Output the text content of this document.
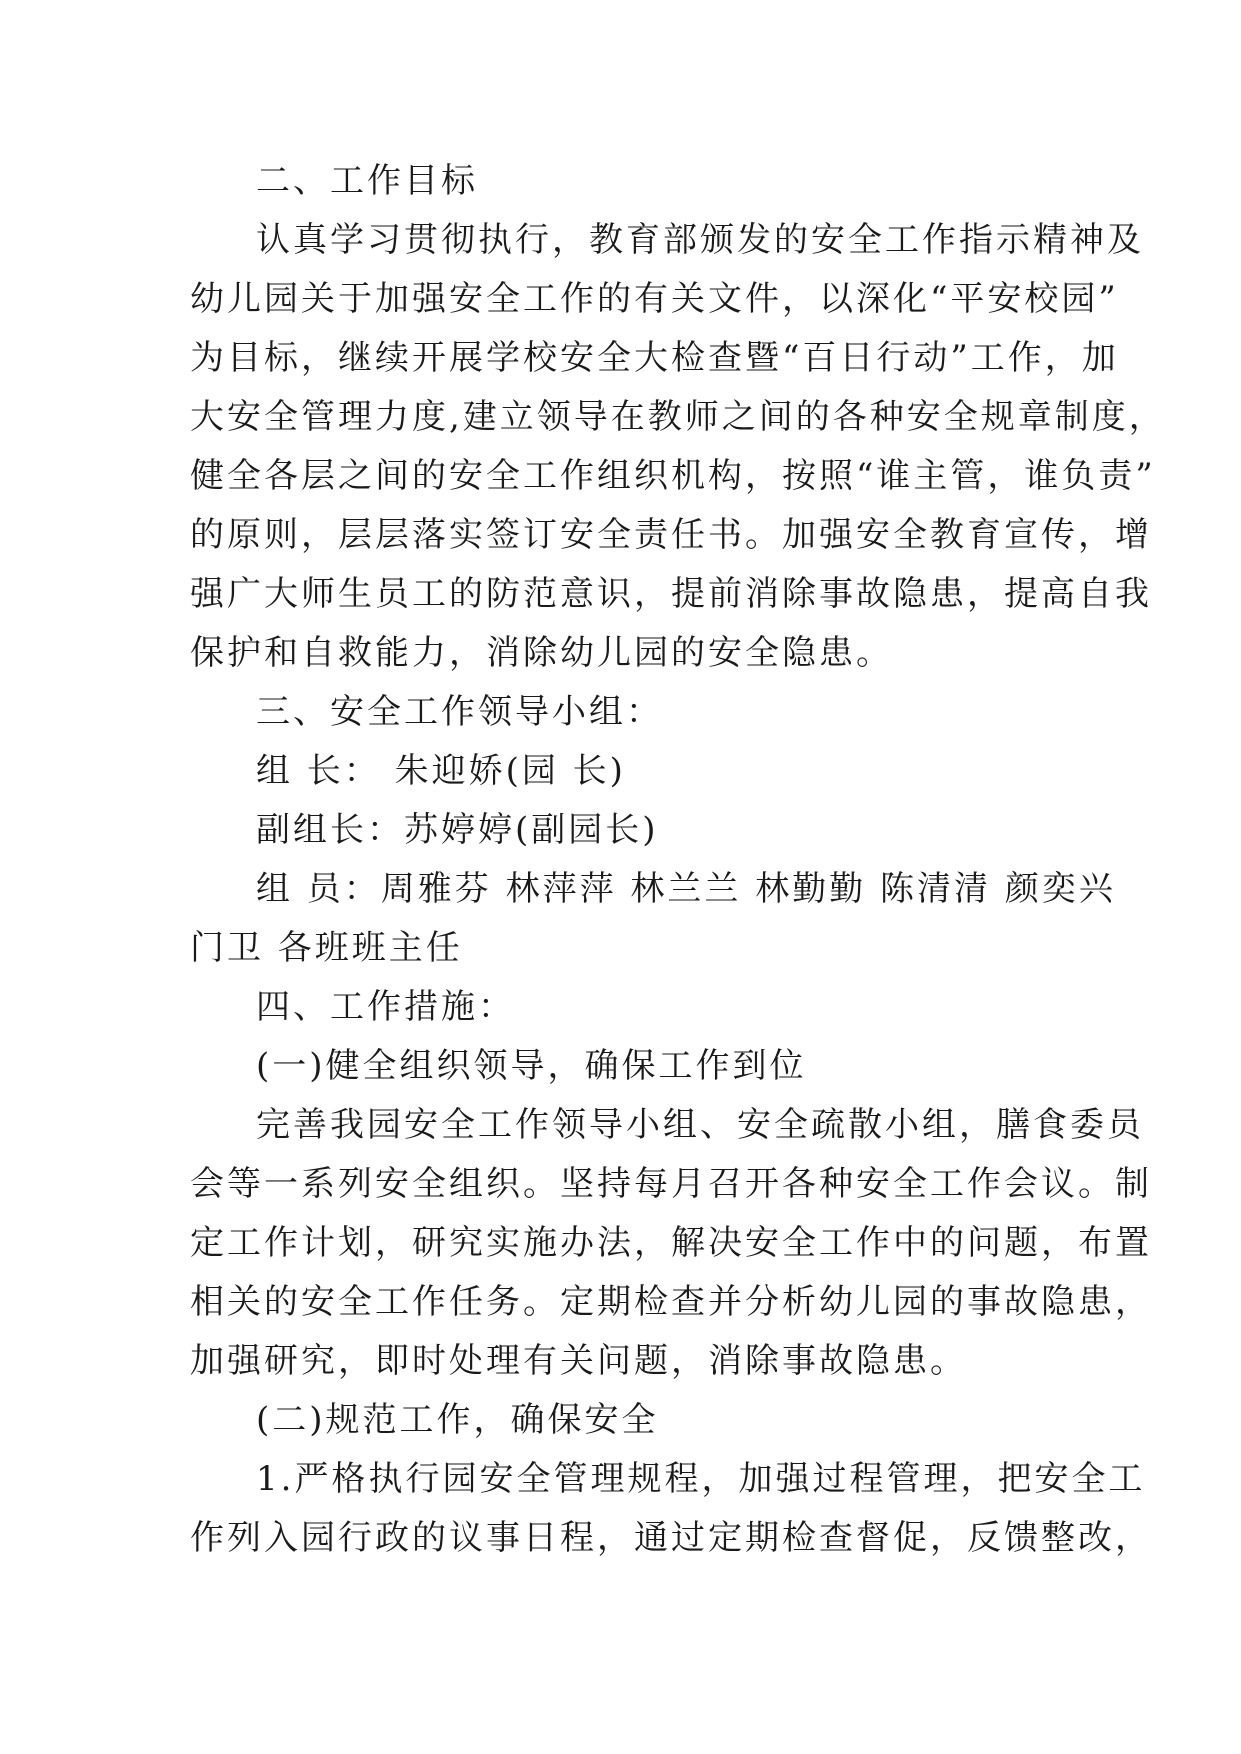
二、工作目标
认真学习贯彻执行，教育部颁发的安全工作指示精神及
幼儿园关于加强安全工作的有关文件，以深化“平安校园”
为目标，继续开展学校安全大检查暨“百日行动”工作，加
大安全管理力度,建立领导在教师之间的各种安全规章制度，
健全各层之间的安全工作组织机构，按照“谁主管，谁负责”
的原则，层层落实签订安全责任书。加强安全教育宣传，增
强广大师生员工的防范意识，提前消除事故隐患，提高自我
保护和自救能力，消除幼儿园的安全隐患。
三、安全工作领导小组：
组 长： 朱迎娇(园 长)
副组长：苏婷婷(副园长)
组 员：周雅芬 林萍萍 林兰兰 林勤勤 陈清清 颜奕兴
门卫 各班班主任
四、工作措施：
(一)健全组织领导，确保工作到位
完善我园安全工作领导小组、安全疏散小组，膳食委员
会等一系列安全组织。坚持每月召开各种安全工作会议。制
定工作计划，研究实施办法，解决安全工作中的问题，布置
相关的安全工作任务。定期检查并分析幼儿园的事故隐患，
加强研究，即时处理有关问题，消除事故隐患。
(二)规范工作，确保安全
1.严格执行园安全管理规程，加强过程管理，把安全工
作列入园行政的议事日程，通过定期检查督促，反馈整改，
